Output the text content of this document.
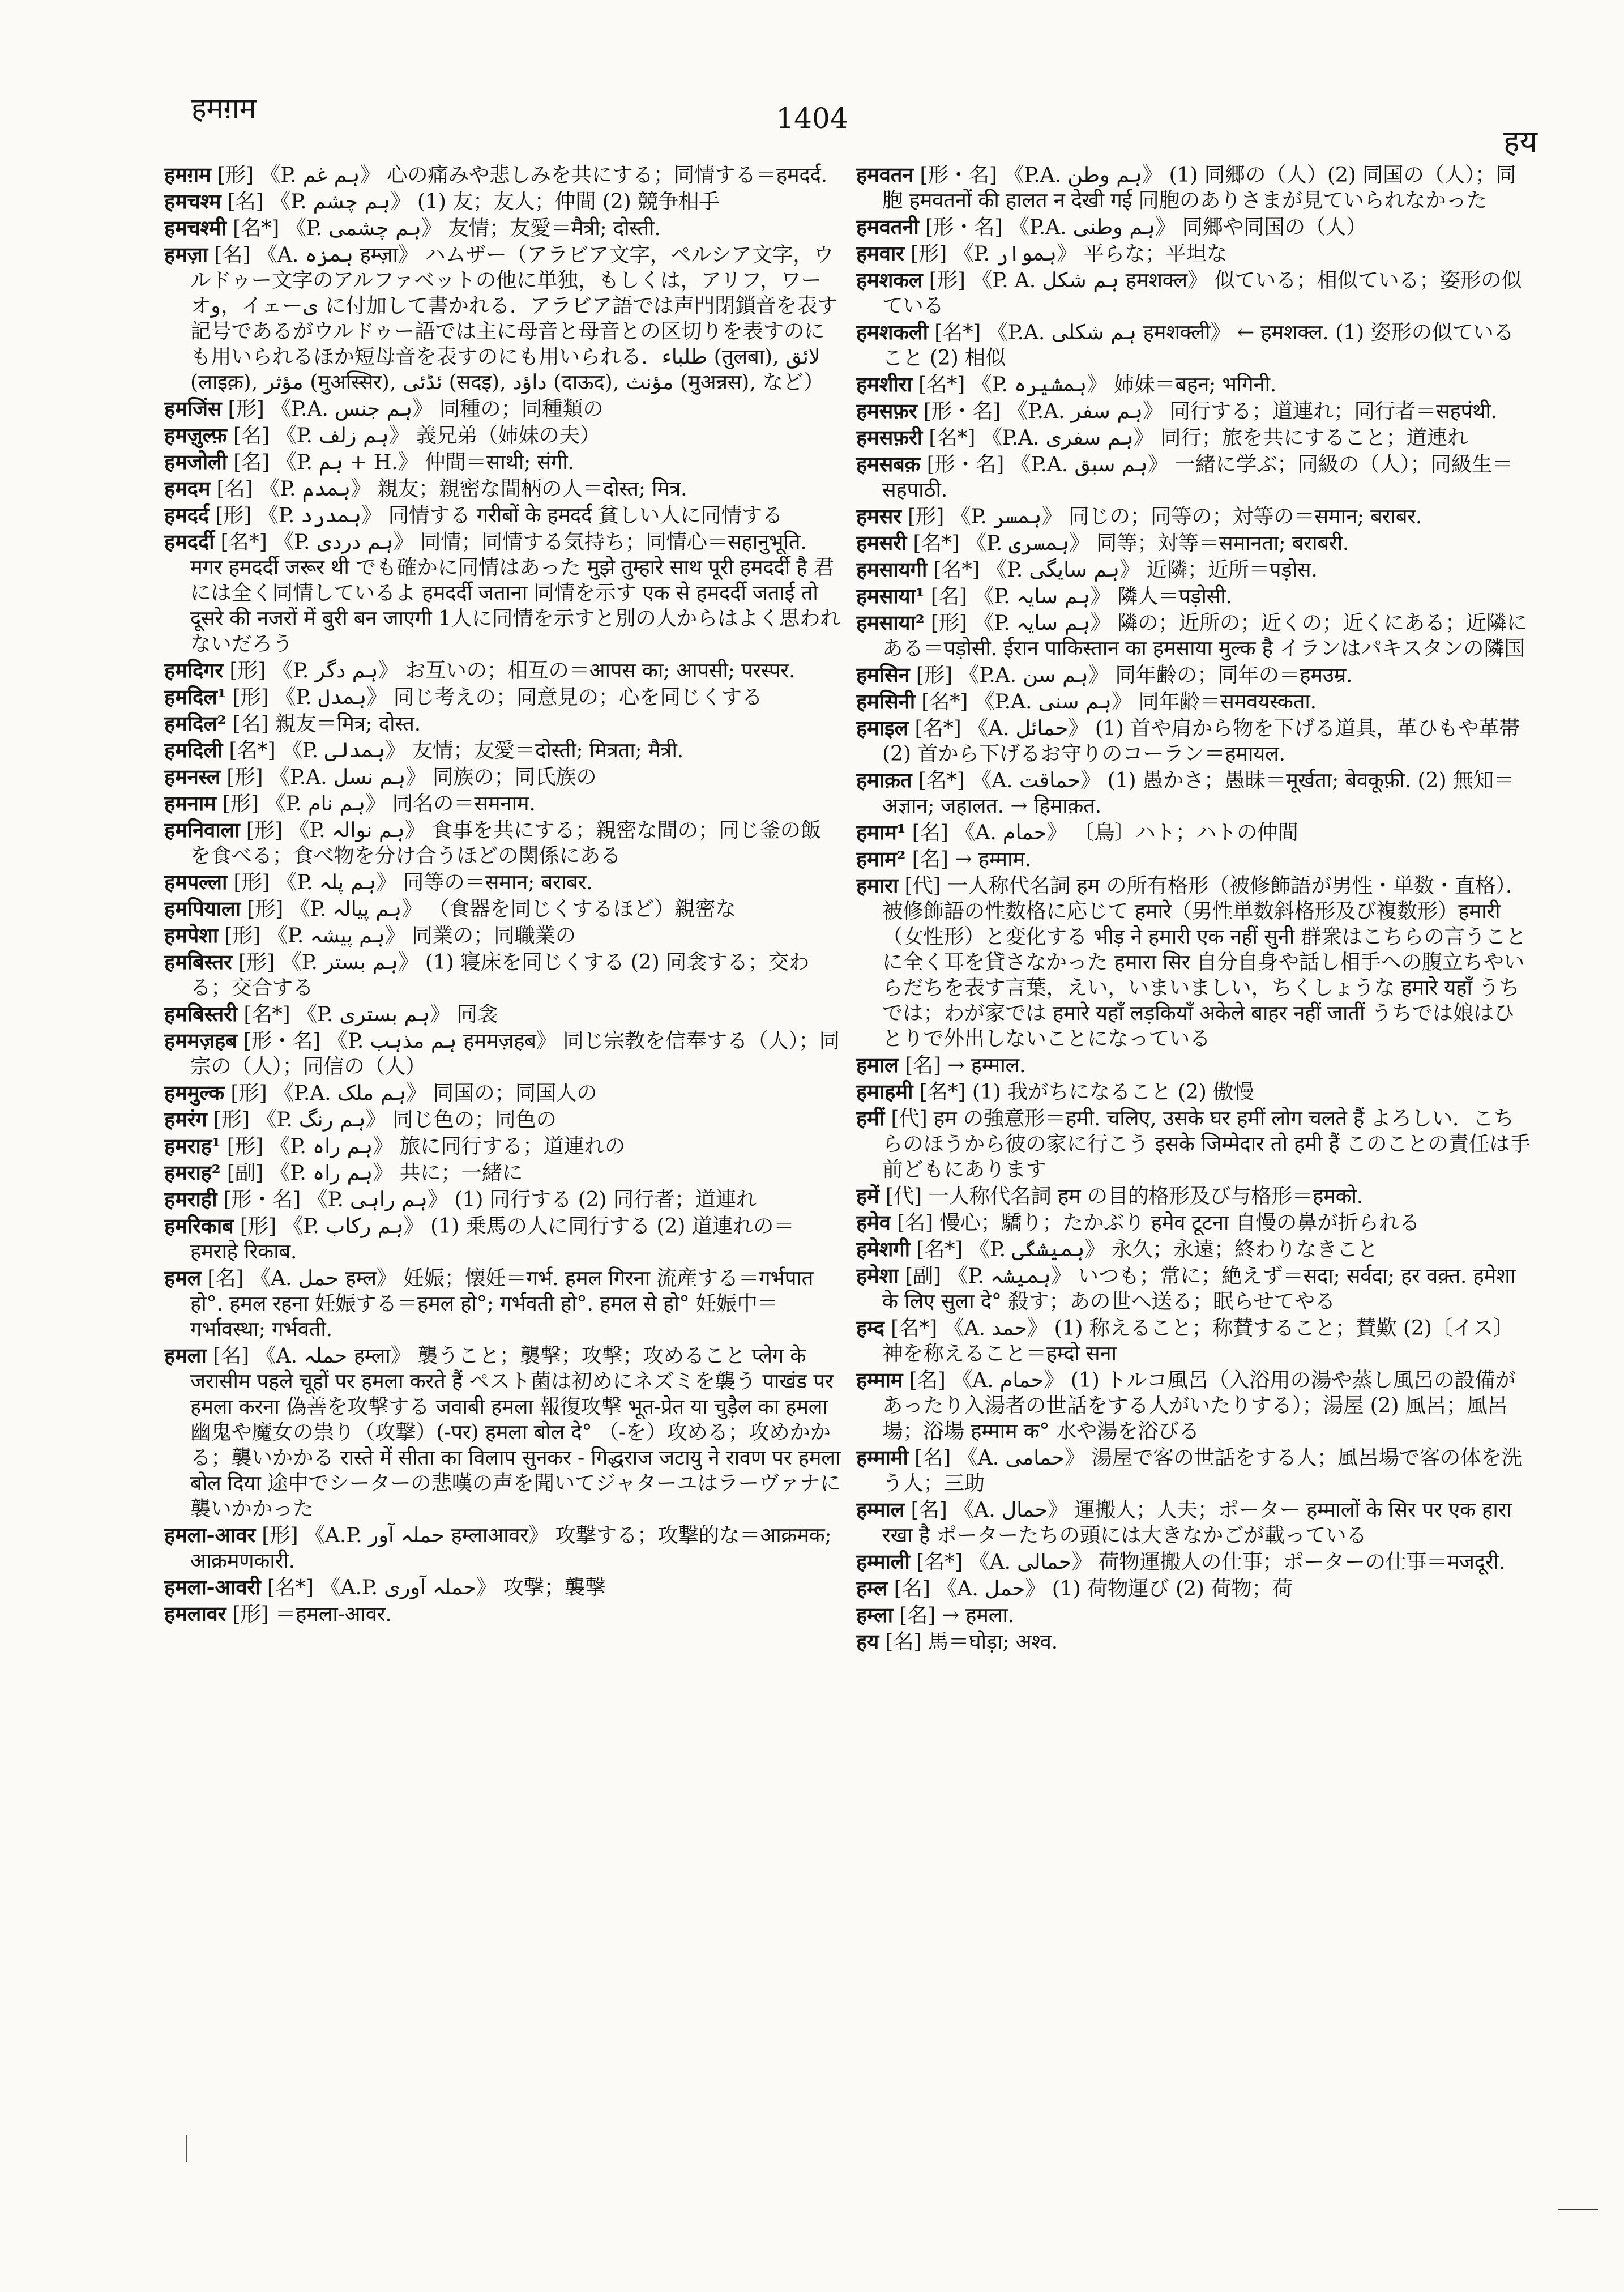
हमग़म	1404
हय
हमग़म [形] 《P. ہم غم》 心の痛みや悲しみを共にする；同情する＝हमदर्द.
हमचश्म [名] 《P. ہم چشم》 (1) 友；友人；仲間 (2) 競争相手
हमचश्मी [名*] 《P. ہم چشمی》 友情；友愛＝मैत्री; दोस्ती.
हमज़ा [名] 《A. ہمزہ हम्ज़ा》 ハムザー（アラビア文字，ペルシア文字，ウルドゥー文字のアルファベットの他に単独，もしくは，アリフ，ワーオو，イェーی に付加して書かれる．アラビア語では声門閉鎖音を表す記号であるがウルドゥー語では主に母音と母音との区切りを表すのにも用いられるほか短母音を表すのにも用いられる．طلباء (तुलबा), لائق (लाइक़), مؤثر (मुअस्सिर), ئڈئی (सदइ), داؤد (दाऊद), مؤنث (मुअन्नस), など）
हमजिंस [形] 《P.A. ہم جنس》 同種の；同種類の
हमज़ुल्फ़ [名] 《P. ہم زلف》 義兄弟（姉妹の夫）
हमजोली [名] 《P. ہم + H.》 仲間＝साथी; संगी.
हमदम [名] 《P. ہمدم》 親友；親密な間柄の人＝दोस्त; मित्र.
हमदर्द [形] 《P. ہمدرد》 同情する गरीबों के हमदर्द 貧しい人に同情する
हमदर्दी [名*] 《P. ہم دردی》 同情；同情する気持ち；同情心＝सहानुभूति. मगर हमदर्दी जरूर थी でも確かに同情はあった मुझे तुम्हारे साथ पूरी हमदर्दी है 君には全く同情しているよ हमदर्दी जताना 同情を示す एक से हमदर्दी जताई तो दूसरे की नजरों में बुरी बन जाएगी 1人に同情を示すと別の人からはよく思われないだろう
हमदिगर [形] 《P. ہم دگر》 お互いの；相互の＝आपस का; आपसी; परस्पर.
हमदिल¹ [形] 《P. ہمدل》 同じ考えの；同意見の；心を同じくする
हमदिल² [名] 親友＝मित्र; दोस्त.
हमदिली [名*] 《P. ہمدلی》 友情；友愛＝दोस्ती; मित्रता; मैत्री.
हमनस्ल [形] 《P.A. ہم نسل》 同族の；同氏族の
हमनाम [形] 《P. ہم نام》 同名の＝समनाम.
हमनिवाला [形] 《P. ہم نوالہ》 食事を共にする；親密な間の；同じ釜の飯を食べる；食べ物を分け合うほどの関係にある
हमपल्ला [形] 《P. ہم پلہ》 同等の＝समान; बराबर.
हमपियाला [形] 《P. ہم پیالہ》 （食器を同じくするほど）親密な
हमपेशा [形] 《P. ہم پیشہ》 同業の；同職業の
हमबिस्तर [形] 《P. ہم بستر》 (1) 寝床を同じくする (2) 同衾する；交わる；交合する
हमबिस्तरी [名*] 《P. ہم بستری》 同衾
हममज़हब [形・名] 《P. ہم مذہب हममज़हब》 同じ宗教を信奉する（人）；同宗の（人）；同信の（人）
हममुल्क [形] 《P.A. ہم ملک》 同国の；同国人の
हमरंग [形] 《P. ہم رنگ》 同じ色の；同色の
हमराह¹ [形] 《P. ہم راہ》 旅に同行する；道連れの
हमराह² [副] 《P. ہم راہ》 共に；一緒に
हमराही [形・名] 《P. ہم راہی》 (1) 同行する (2) 同行者；道連れ
हमरिकाब [形] 《P. ہم رکاب》 (1) 乗馬の人に同行する (2) 道連れの＝हमराहे रिकाब.
हमल [名] 《A. حمل हम्ल》 妊娠；懐妊＝गर्भ. हमल गिरना 流産する＝गर्भपात हो°. हमल रहना 妊娠する＝हमल हो°; गर्भवती हो°. हमल से हो° 妊娠中＝गर्भावस्था; गर्भवती.
हमला [名] 《A. حملہ हम्ला》 襲うこと；襲撃；攻撃；攻めること प्लेग के जरासीम पहले चूहों पर हमला करते हैं ペスト菌は初めにネズミを襲う पाखंड पर हमला करना 偽善を攻撃する जवाबी हमला 報復攻撃 भूत-प्रेत या चुड़ैल का हमला 幽鬼や魔女の祟り（攻撃）(-पर) हमला बोल दे° （-を）攻める；攻めかかる；襲いかかる रास्ते में सीता का विलाप सुनकर - गिद्धराज जटायु ने रावण पर हमला बोल दिया 途中でシーターの悲嘆の声を聞いてジャターユはラーヴァナに襲いかかった
हमला-आवर [形] 《A.P. حملہ آور हम्लाआवर》 攻撃する；攻撃的な＝आक्रमक; आक्रमणकारी.
हमला-आवरी [名*] 《A.P. حملہ آوری》 攻撃；襲撃
हमलावर [形] ＝हमला-आवर.
हमवतन [形・名] 《P.A. ہم وطن》 (1) 同郷の（人）(2) 同国の（人）；同胞 हमवतनों की हालत न देखी गई 同胞のありさまが見ていられなかった
हमवतनी [形・名] 《P.A. ہم وطنی》 同郷や同国の（人）
हमवार [形] 《P. ہموار》 平らな；平坦な
हमशकल [形] 《P. A. ہم شکل हमशक्ल》 似ている；相似ている；姿形の似ている
हमशकली [名*] 《P.A. ہم شکلی हमशक्ली》 ← हमशक्ल. (1) 姿形の似ていること (2) 相似
हमशीरा [名*] 《P. ہمشیرہ》 姉妹＝बहन; भगिनी.
हमसफ़र [形・名] 《P.A. ہم سفر》 同行する；道連れ；同行者＝सहपंथी.
हमसफ़री [名*] 《P.A. ہم سفری》 同行；旅を共にすること；道連れ
हमसबक़ [形・名] 《P.A. ہم سبق》 一緒に学ぶ；同級の（人）；同級生＝सहपाठी.
हमसर [形] 《P. ہمسر》 同じの；同等の；対等の＝समान; बराबर.
हमसरी [名*] 《P. ہمسری》 同等；対等＝समानता; बराबरी.
हमसायगी [名*] 《P. ہم سایگی》 近隣；近所＝पड़ोस.
हमसाया¹ [名] 《P. ہم سایہ》 隣人＝पड़ोसी.
हमसाया² [形] 《P. ہم سایہ》 隣の；近所の；近くの；近くにある；近隣にある＝पड़ोसी. ईरान पाकिस्तान का हमसाया मुल्क है イランはパキスタンの隣国
हमसिन [形] 《P.A. ہم سن》 同年齢の；同年の＝हमउम्र.
हमसिनी [名*] 《P.A. ہم سنی》 同年齢＝समवयस्कता.
हमाइल [名*] 《A. حمائل》 (1) 首や肩から物を下げる道具，革ひもや革帯 (2) 首から下げるお守りのコーラン＝हमायल.
हमाक़त [名*] 《A. حماقت》 (1) 愚かさ；愚昧＝मूर्खता; बेवकूफ़ी. (2) 無知＝अज्ञान; जहालत. → हिमाक़त.
हमाम¹ [名] 《A. حمام》 〔鳥〕ハト；ハトの仲間
हमाम² [名] → हम्माम.
हमारा [代] 一人称代名詞 हम の所有格形（被修飾語が男性・単数・直格）．被修飾語の性数格に応じて हमारे（男性単数斜格形及び複数形）हमारी（女性形）と変化する भीड़ ने हमारी एक नहीं सुनी 群衆はこちらの言うことに全く耳を貸さなかった हमारा सिर 自分自身や話し相手への腹立ちやいらだちを表す言葉，えい，いまいましい，ちくしょうな हमारे यहाँ うちでは；わが家では हमारे यहाँ लड़कियाँ अकेले बाहर नहीं जातीं うちでは娘はひとりで外出しないことになっている
हमाल [名] → हम्माल.
हमाहमी [名*] (1) 我がちになること (2) 傲慢
हमीं [代] हम の強意形＝हमी. चलिए, उसके घर हमीं लोग चलते हैं よろしい．こちらのほうから彼の家に行こう इसके जिम्मेदार तो हमी हैं このことの責任は手前どもにあります
हमें [代] 一人称代名詞 हम の目的格形及び与格形＝हमको.
हमेव [名] 慢心；驕り；たかぶり हमेव टूटना 自慢の鼻が折られる
हमेशगी [名*] 《P. ہمیشگی》 永久；永遠；終わりなきこと
हमेशा [副] 《P. ہمیشہ》 いつも；常に；絶えず＝सदा; सर्वदा; हर वक़्त. हमेशा के लिए सुला दे° 殺す；あの世へ送る；眠らせてやる
हम्द [名*] 《A. حمد》 (1) 称えること；称賛すること；賛歎 (2)〔イス〕神を称えること＝हम्दो सना
हम्माम [名] 《A. حمام》 (1) トルコ風呂（入浴用の湯や蒸し風呂の設備があったり入湯者の世話をする人がいたりする）；湯屋 (2) 風呂；風呂場；浴場 हम्माम क° 水や湯を浴びる
हम्मामी [名] 《A. حمامی》 湯屋で客の世話をする人；風呂場で客の体を洗う人；三助
हम्माल [名] 《A. حمال》 運搬人；人夫；ポーター हम्मालों के सिर पर एक हारा रखा है ポーターたちの頭には大きなかごが載っている
हम्माली [名*] 《A. حمالی》 荷物運搬人の仕事；ポーターの仕事＝मजदूरी.
हम्ल [名] 《A. حمل》 (1) 荷物運び (2) 荷物；荷
हम्ला [名] → हमला.
हय [名] 馬＝घोड़ा; अश्व.
